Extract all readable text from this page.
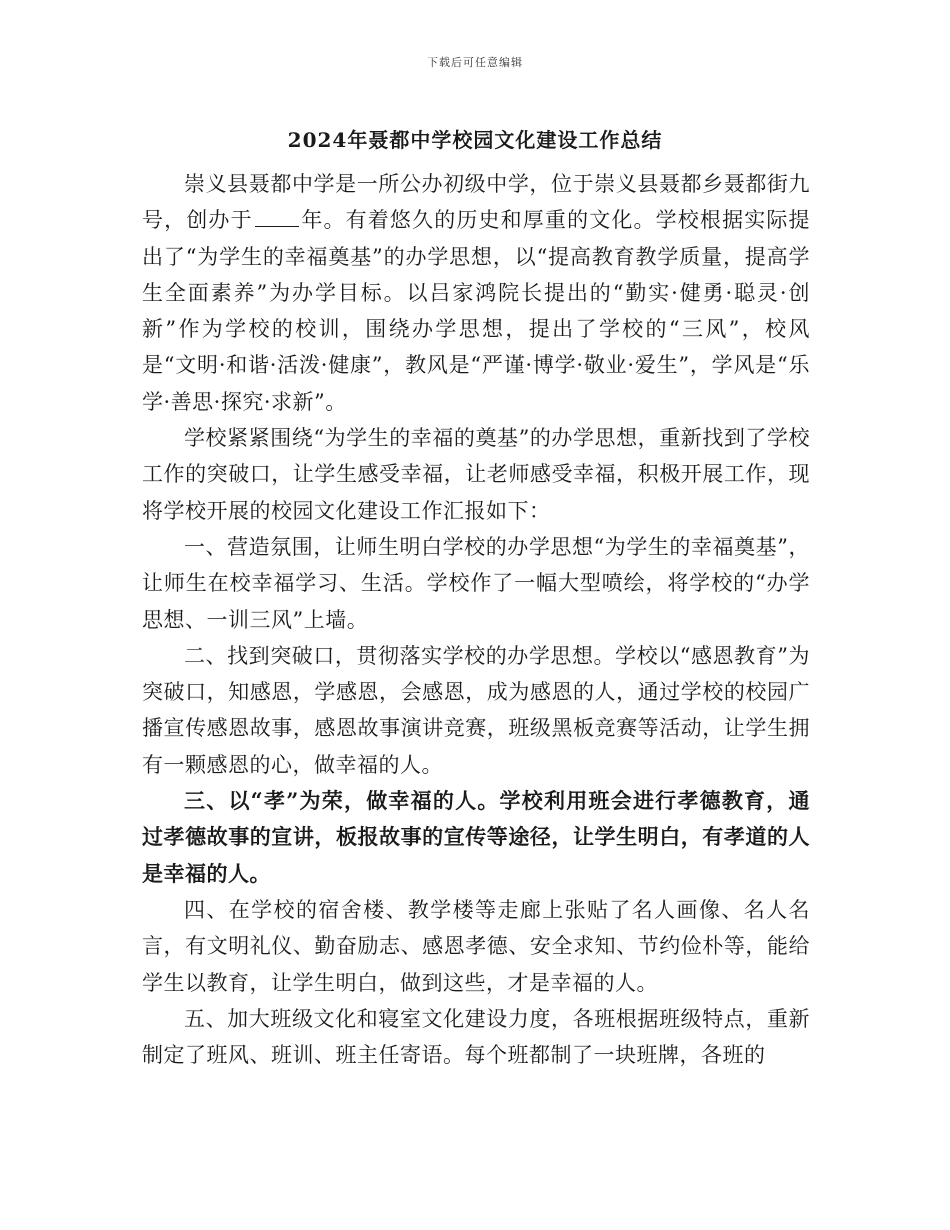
下载后可任意编辑
2024年聂都中学校园文化建设工作总结

崇义县聂都中学是一所公办初级中学，位于崇义县聂都乡聂都街九号，创办于 年。有着悠久的历史和厚重的文化。学校根据实际提出了“为学生的幸福奠基”的办学思想，以“提高教育教学质量，提高学生全面素养”为办学目标。以吕家鸿院长提出的“勤实·健勇·聪灵·创新”作为学校的校训，围绕办学思想，提出了学校的“三风”，校风是“文明·和谐·活泼·健康”，教风是“严谨·博学·敬业·爱生”，学风是“乐学·善思·探究·求新”。

学校紧紧围绕“为学生的幸福的奠基”的办学思想，重新找到了学校工作的突破口，让学生感受幸福，让老师感受幸福，积极开展工作，现将学校开展的校园文化建设工作汇报如下：

一、营造氛围，让师生明白学校的办学思想“为学生的幸福奠基”，让师生在校幸福学习、生活。学校作了一幅大型喷绘，将学校的“办学思想、一训三风”上墙。

二、找到突破口，贯彻落实学校的办学思想。学校以“感恩教育”为突破口，知感恩，学感恩，会感恩，成为感恩的人，通过学校的校园广播宣传感恩故事，感恩故事演讲竞赛，班级黑板竞赛等活动，让学生拥有一颗感恩的心，做幸福的人。

三、以“孝”为荣，做幸福的人。学校利用班会进行孝德教育，通过孝德故事的宣讲，板报故事的宣传等途径，让学生明白，有孝道的人是幸福的人。

四、在学校的宿舍楼、教学楼等走廊上张贴了名人画像、名人名言，有文明礼仪、勤奋励志、感恩孝德、安全求知、节约俭朴等，能给学生以教育，让学生明白，做到这些，才是幸福的人。

五、加大班级文化和寝室文化建设力度，各班根据班级特点，重新制定了班风、班训、班主任寄语。每个班都制了一块班牌，各班的
